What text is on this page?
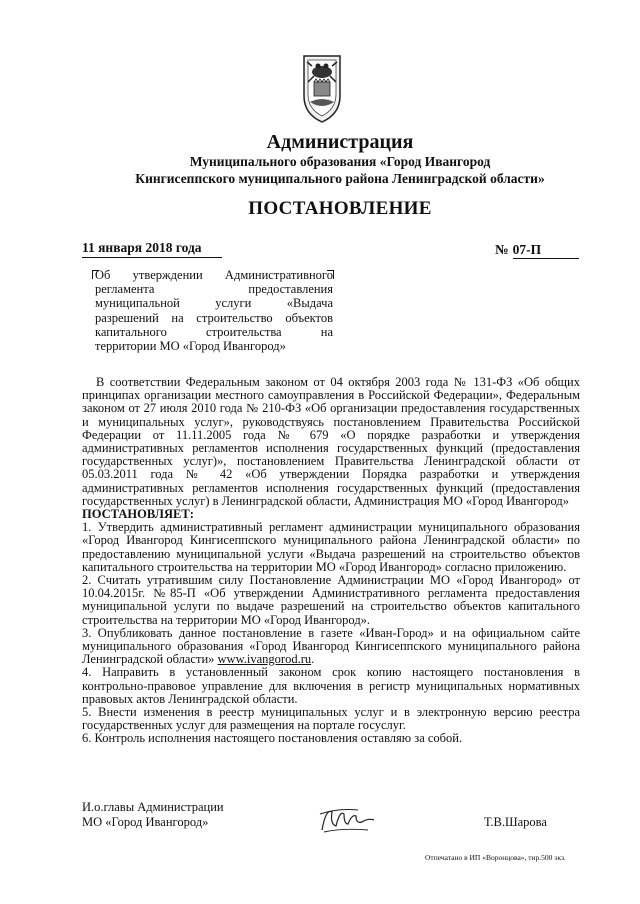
Администрация
Муниципального образования «Город Ивангород
Кингисеппского муниципального района Ленинградской области»
ПОСТАНОВЛЕНИЕ
11 января 2018 года	№ 07-П
Об утверждении Административного
регламента предоставления
муниципальной услуги «Выдача
разрешений на строительство объектов
капитального строительства на
территории МО «Город Ивангород»

В соответствии Федеральным законом от 04 октября 2003 года № 131-ФЗ «Об общих принципах организации местного самоуправления в Российской Федерации», Федеральным законом от 27 июля 2010 года № 210-ФЗ «Об организации предоставления государственных и муниципальных услуг», руководствуясь постановлением Правительства Российской Федерации от 11.11.2005 года № 679 «О порядке разработки и утверждения административных регламентов исполнения государственных функций (предоставления государственных услуг)», постановлением Правительства Ленинградской области от 05.03.2011 года № 42 «Об утверждении Порядка разработки и утверждения административных регламентов исполнения государственных функций (предоставления государственных услуг) в Ленинградской области, Администрация МО «Город Ивангород»

ПОСТАНОВЛЯЕТ:

1. Утвердить административный регламент администрации муниципального образования «Город Ивангород Кингисеппского муниципального района Ленинградской области» по предоставлению муниципальной услуги «Выдача разрешений на строительство объектов капитального строительства на территории МО «Город Ивангород» согласно приложению.

2. Считать утратившим силу Постановление Администрации МО «Город Ивангород» от 10.04.2015г. №85-П «Об утверждении Административного регламента предоставления муниципальной услуги по выдаче разрешений на строительство объектов капитального строительства на территории МО «Город Ивангород».

3. Опубликовать данное постановление в газете «Иван-Город» и на официальном сайте муниципального образования «Город Ивангород Кингисеппского муниципального района Ленинградской области» www.ivangorod.ru.

4. Направить в установленный законом срок копию настоящего постановления в контрольно-правовое управление для включения в регистр муниципальных нормативных правовых актов Ленинградской области.

5. Внести изменения в реестр муниципальных услуг и в электронную версию реестра государственных услуг для размещения на портале госуслуг.

6. Контроль исполнения настоящего постановления оставляю за собой.

И.о.главы Администрации
МО «Город Ивангород»	Т.В.Шарова
Отпечатано в ИП «Воронцова», тир.500 экз.
